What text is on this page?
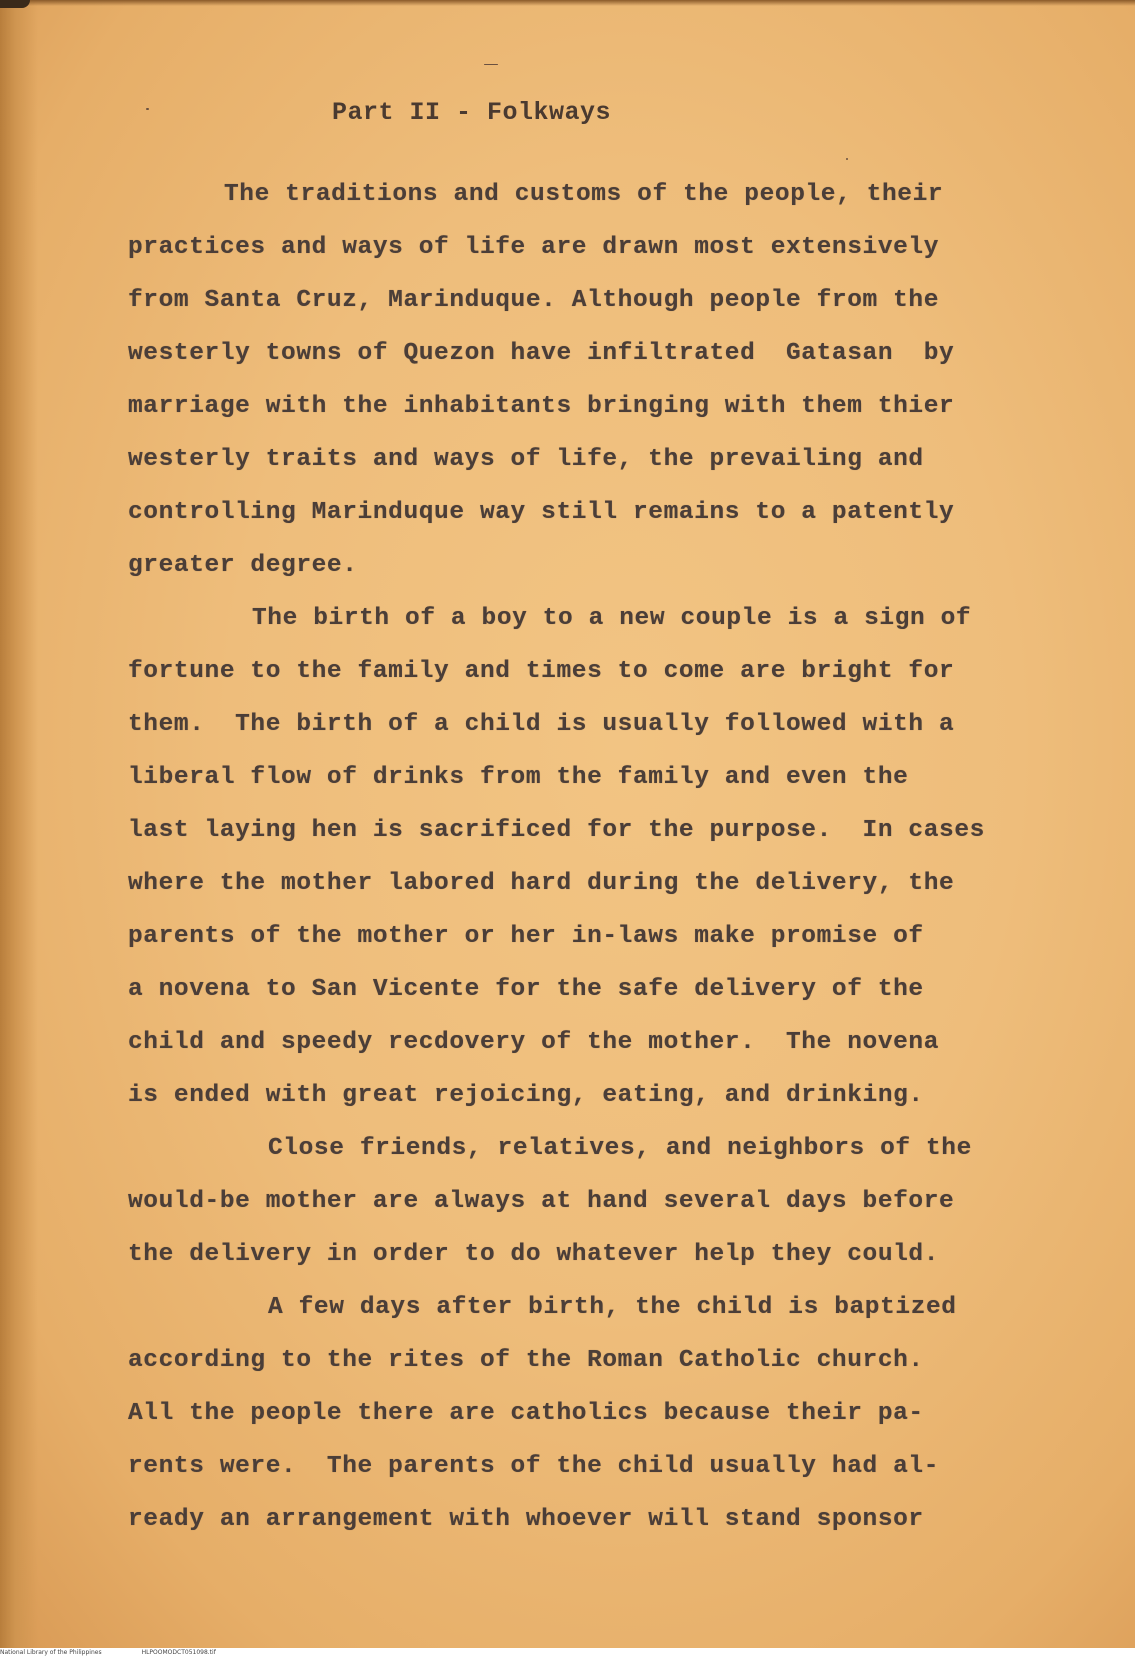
Part II - Folkways
The traditions and customs of the people, their
practices and ways of life are drawn most extensively
from Santa Cruz, Marinduque. Although people from the
westerly towns of Quezon have infiltrated  Gatasan  by
marriage with the inhabitants bringing with them thier
westerly traits and ways of life, the prevailing and
controlling Marinduque way still remains to a patently
greater degree.
The birth of a boy to a new couple is a sign of
fortune to the family and times to come are bright for
them.  The birth of a child is usually followed with a
liberal flow of drinks from the family and even the
last laying hen is sacrificed for the purpose.  In cases
where the mother labored hard during the delivery, the
parents of the mother or her in-laws make promise of
a novena to San Vicente for the safe delivery of the
child and speedy recdovery of the mother.  The novena
is ended with great rejoicing, eating, and drinking.
Close friends, relatives, and neighbors of the
would-be mother are always at hand several days before
the delivery in order to do whatever help they could.
A few days after birth, the child is baptized
according to the rites of the Roman Catholic church.
All the people there are catholics because their pa-
rents were.  The parents of the child usually had al-
ready an arrangement with whoever will stand sponsor
National Library of the Philippines	HLPOOMODCT051098.tif
